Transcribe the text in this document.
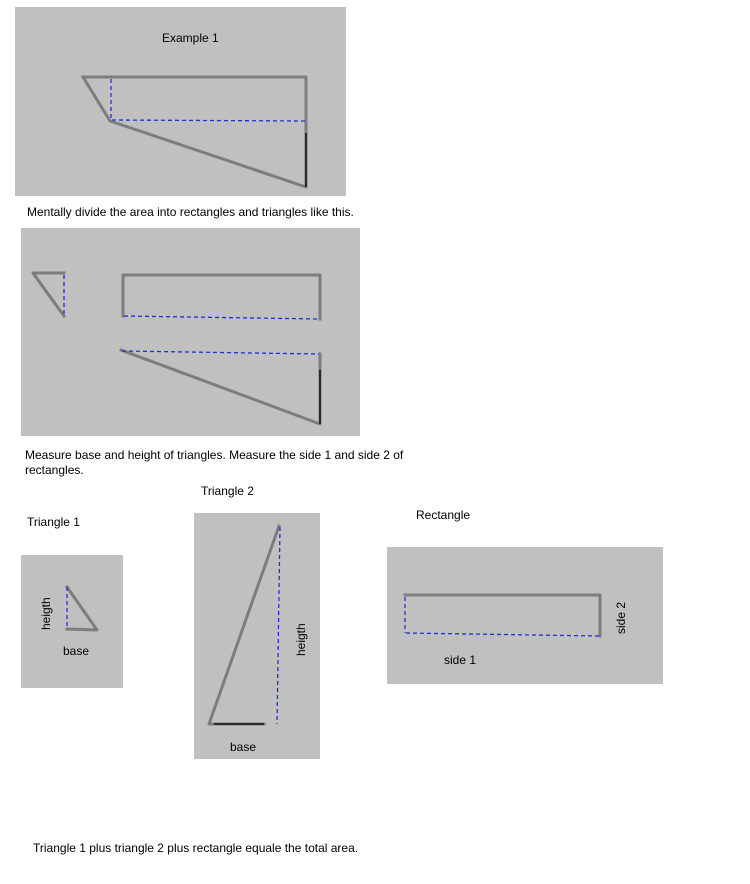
Example 1
Mentally divide the area into rectangles and triangles like this.
Measure base and height of triangles. Measure the side 1 and side 2 of rectangles.
Triangle 2
Triangle 1	Rectangle
heigth
base	heigth
base
side 2
side 1
Triangle 1 plus triangle 2 plus rectangle equale the total area.
